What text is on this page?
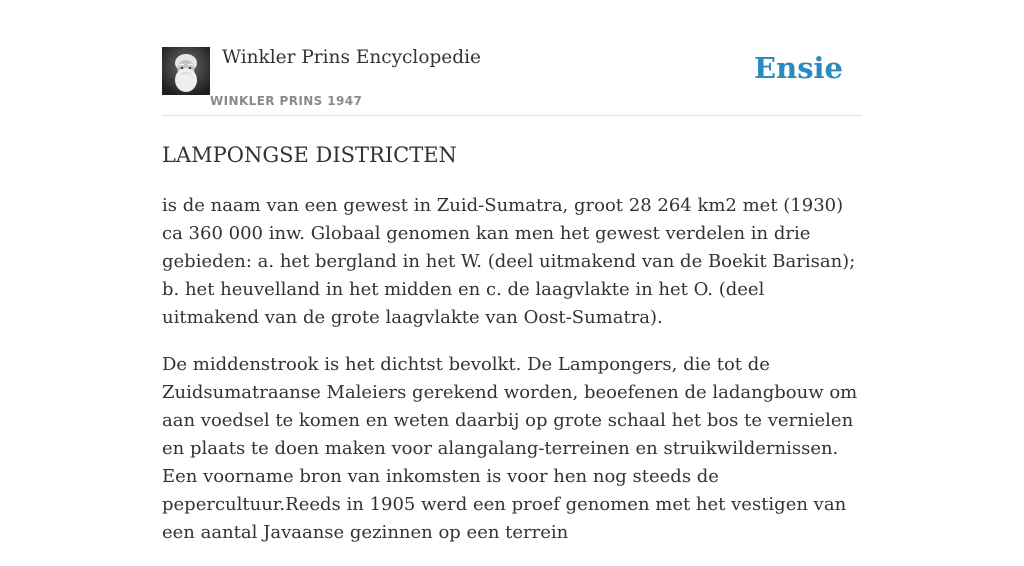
Winkler Prins Encyclopedie
WINKLER PRINS 1947
Ensie
LAMPONGSE DISTRICTEN

is de naam van een gewest in Zuid-Sumatra, groot 28 264 km2 met (1930) ca 360 000 inw. Globaal genomen kan men het gewest verdelen in drie gebieden: a. het bergland in het W. (deel uitmakend van de Boekit Barisan); b. het heuvelland in het midden en c. de laagvlakte in het O. (deel uitmakend van de grote laagvlakte van Oost-Sumatra).

De middenstrook is het dichtst bevolkt. De Lampongers, die tot de Zuidsumatraanse Maleiers gerekend worden, beoefenen de ladangbouw om aan voedsel te komen en weten daarbij op grote schaal het bos te vernielen en plaats te doen maken voor alangalang-terreinen en struikwildernissen. Een voorname bron van inkomsten is voor hen nog steeds de pepercultuur.Reeds in 1905 werd een proef genomen met het vestigen van een aantal Javaanse gezinnen op een terrein
